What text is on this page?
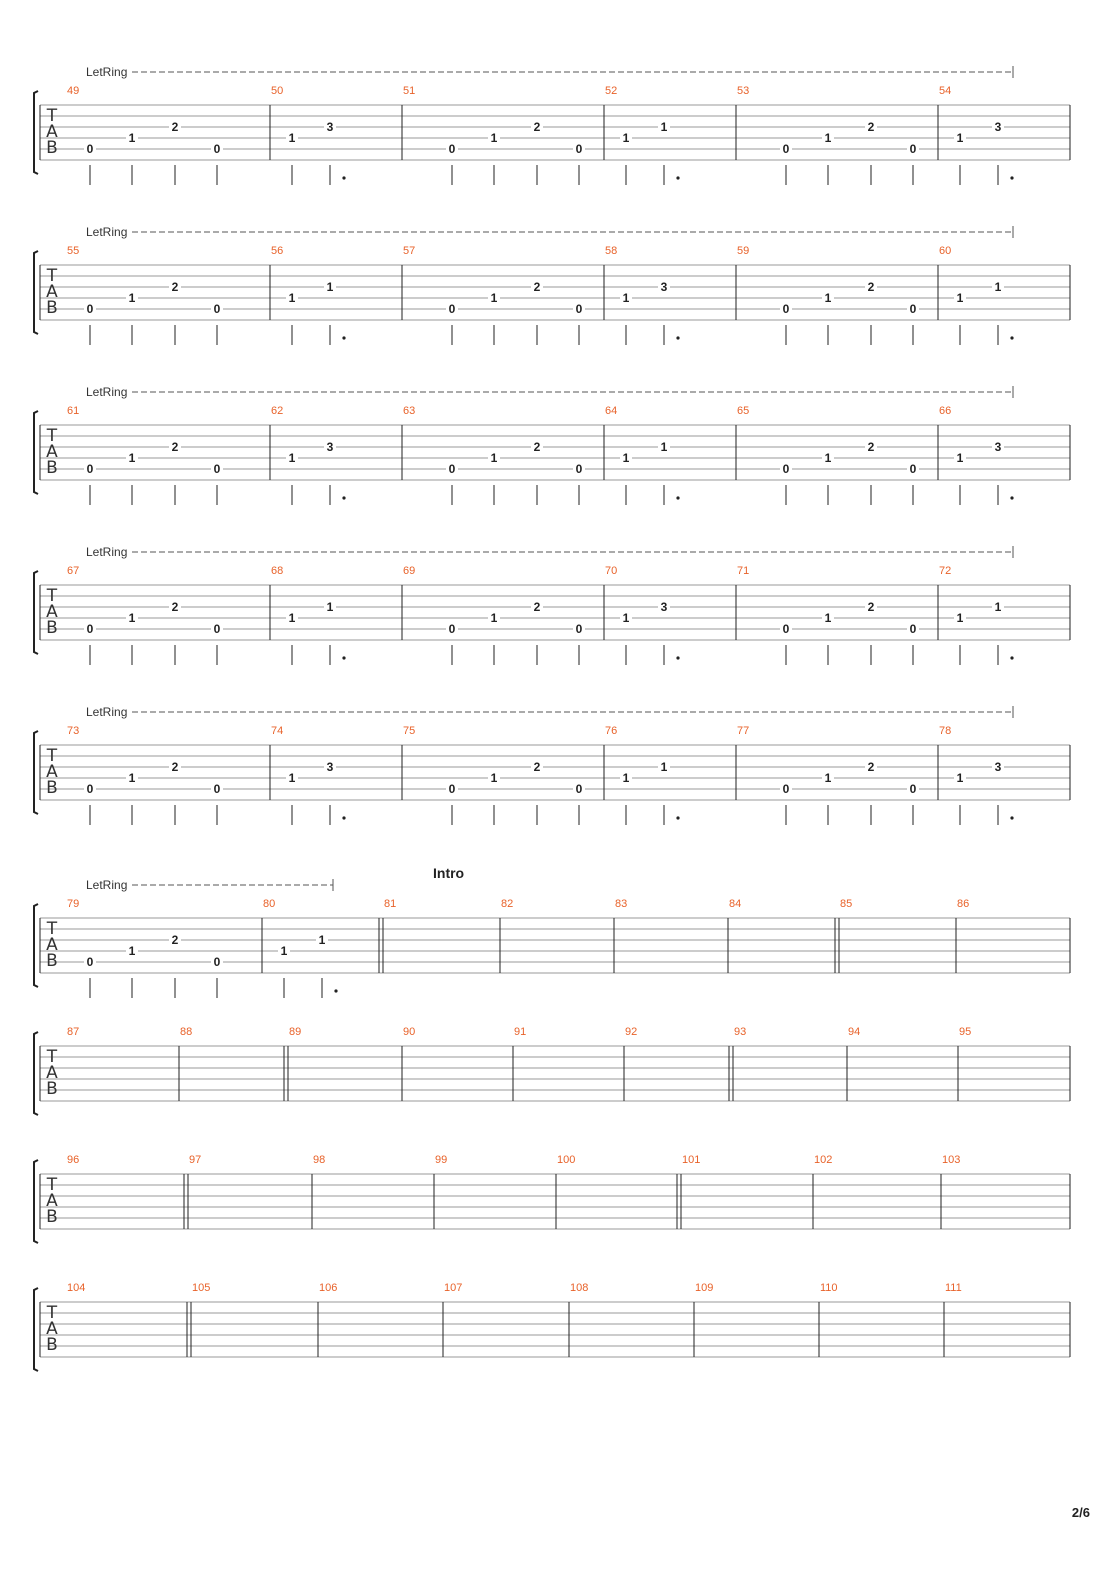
T
A
B
LetRing
49
0
1
2
0
50
1
3
51
0
1
2
0
52
1
1
53
0
1
2
0
54
1
3
T
A
B
LetRing
55
0
1
2
0
56
1
1
57
0
1
2
0
58
1
3
59
0
1
2
0
60
1
1
T
A
B
LetRing
61
0
1
2
0
62
1
3
63
0
1
2
0
64
1
1
65
0
1
2
0
66
1
3
T
A
B
LetRing
67
0
1
2
0
68
1
1
69
0
1
2
0
70
1
3
71
0
1
2
0
72
1
1
T
A
B
LetRing
73
0
1
2
0
74
1
3
75
0
1
2
0
76
1
1
77
0
1
2
0
78
1
3
T
A
B
LetRing
Intro
79
0
1
2
0
80
1
1
81	82	83	84	85	86
T
A
B
87	88	89	90	91	92	93	94	95
T
A
B
96	97	98	99	100	101	102	103
T
A
B
104	105	106	107	108	109	110	111
2/6
